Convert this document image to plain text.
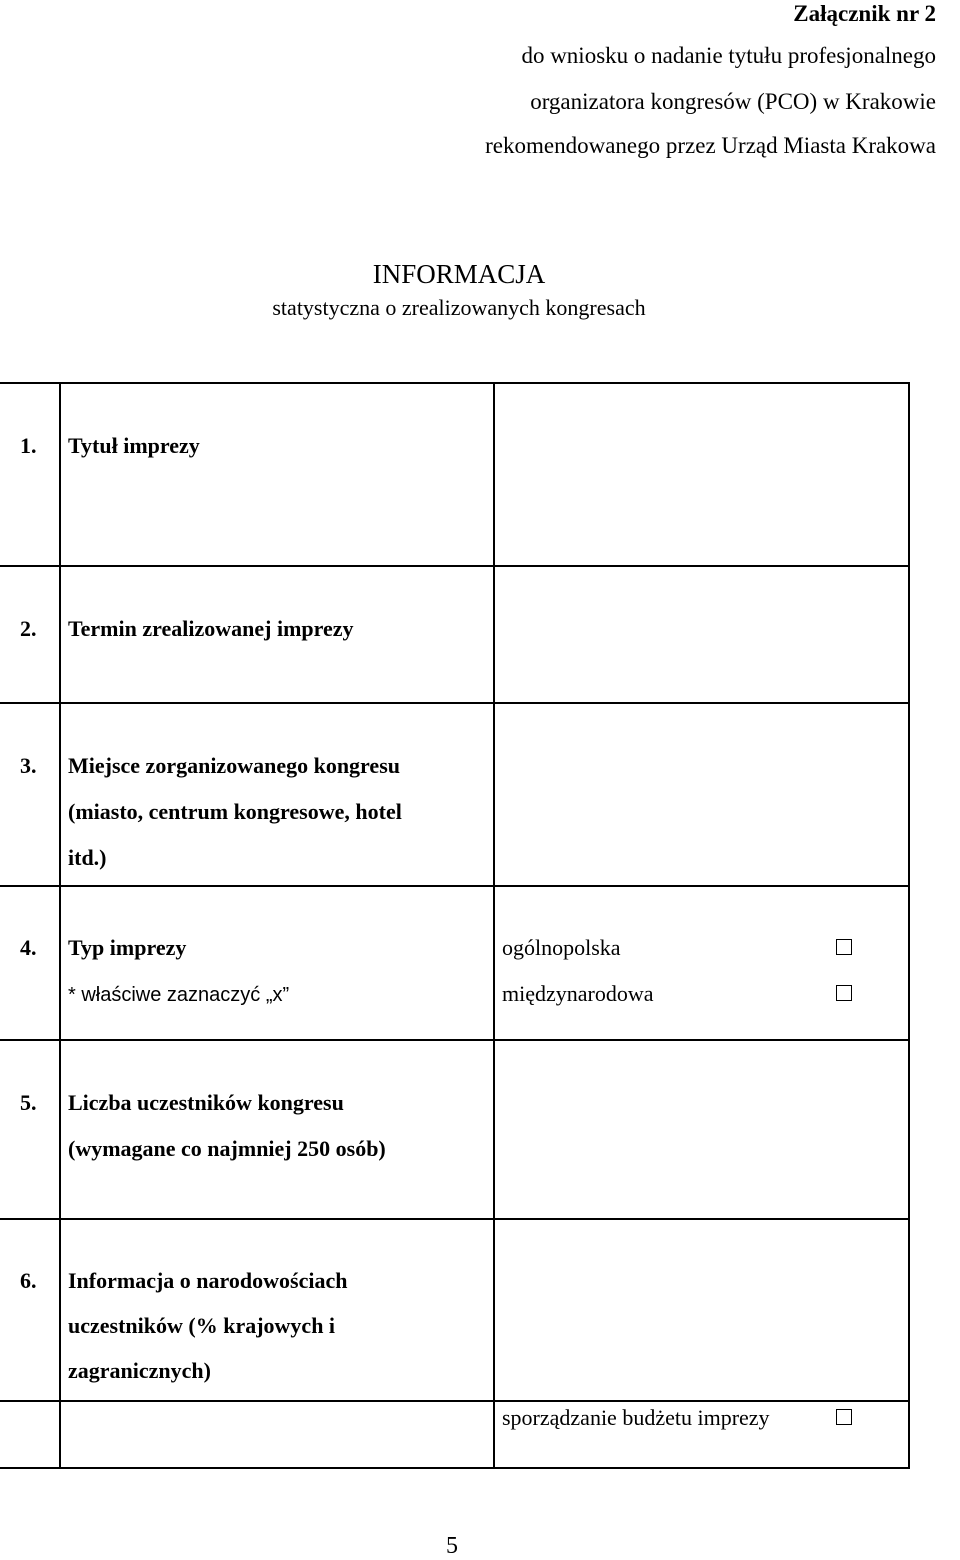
Załącznik nr 2
do wniosku o nadanie tytułu profesjonalnego
organizatora kongresów (PCO) w Krakowie
rekomendowanego przez Urząd Miasta Krakowa
INFORMACJA
statystyczna o zrealizowanych kongresach
1. Tytuł imprezy
2. Termin zrealizowanej imprezy
3. Miejsce zorganizowanego kongresu
(miasto, centrum kongresowe, hotel
itd.)
4. Typ imprezy
* właściwe zaznaczyć „x”
ogólnopolska
międzynarodowa
5. Liczba uczestników kongresu
(wymagane co najmniej 250 osób)
6. Informacja o narodowościach
uczestników (% krajowych i
zagranicznych)
sporządzanie budżetu imprezy
5
